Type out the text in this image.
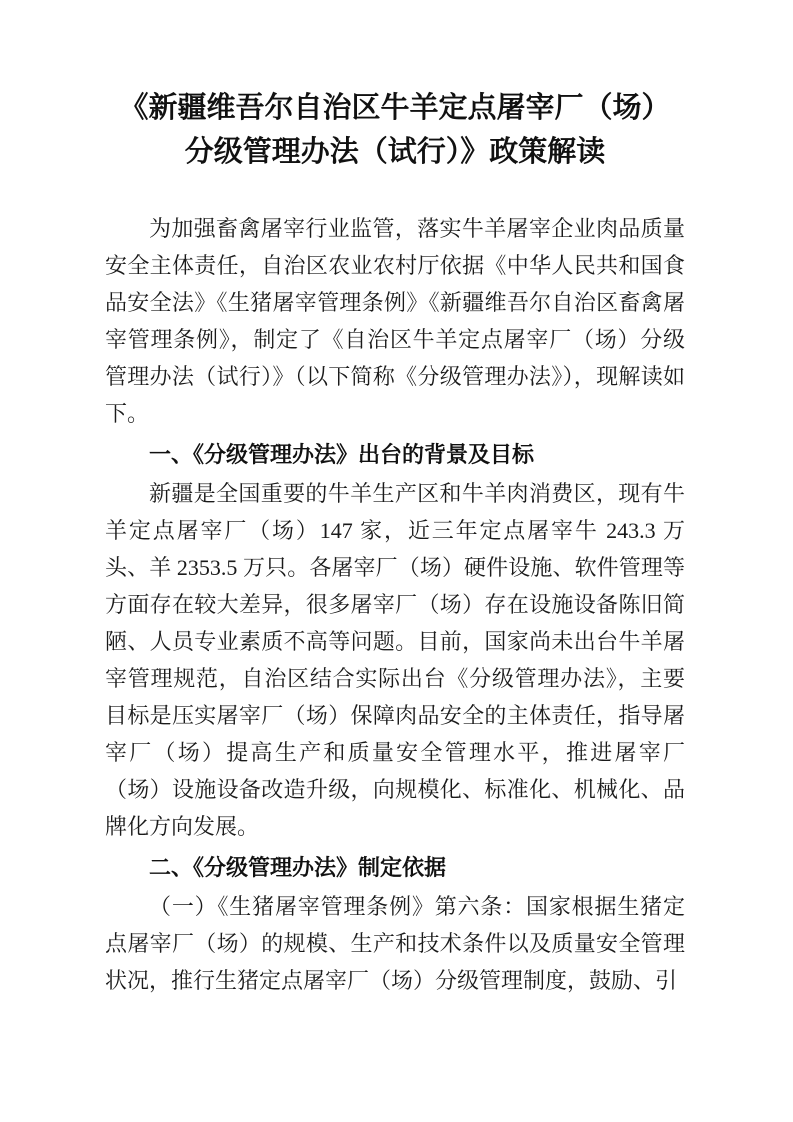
《新疆维吾尔自治区牛羊定点屠宰厂（场）
分级管理办法（试行）》政策解读

为加强畜禽屠宰行业监管，落实牛羊屠宰企业肉品质量安全主体责任，自治区农业农村厅依据《中华人民共和国食品安全法》《生猪屠宰管理条例》《新疆维吾尔自治区畜禽屠宰管理条例》，制定了《自治区牛羊定点屠宰厂（场）分级管理办法（试行）》（以下简称《分级管理办法》），现解读如下。

一、《分级管理办法》出台的背景及目标

新疆是全国重要的牛羊生产区和牛羊肉消费区，现有牛羊定点屠宰厂（场）147 家，近三年定点屠宰牛 243.3 万头、羊 2353.5 万只。各屠宰厂（场）硬件设施、软件管理等方面存在较大差异，很多屠宰厂（场）存在设施设备陈旧简陋、人员专业素质不高等问题。目前，国家尚未出台牛羊屠宰管理规范，自治区结合实际出台《分级管理办法》，主要目标是压实屠宰厂（场）保障肉品安全的主体责任，指导屠宰厂（场）提高生产和质量安全管理水平，推进屠宰厂（场）设施设备改造升级，向规模化、标准化、机械化、品牌化方向发展。

二、《分级管理办法》制定依据

（一）《生猪屠宰管理条例》第六条：国家根据生猪定点屠宰厂（场）的规模、生产和技术条件以及质量安全管理状况，推行生猪定点屠宰厂（场）分级管理制度，鼓励、引
